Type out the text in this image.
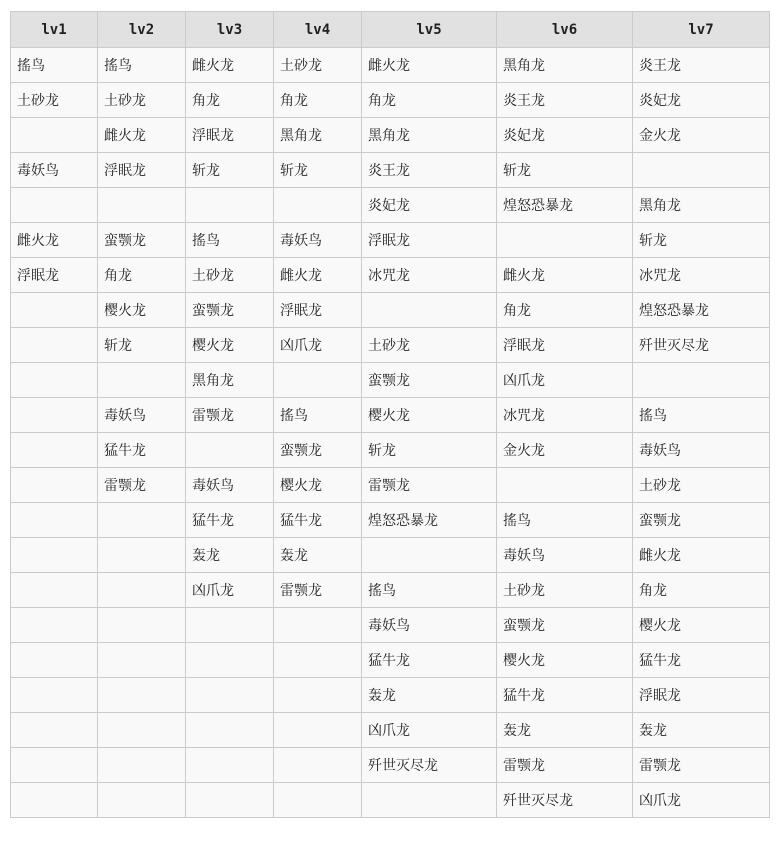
lv1	lv2	lv3	lv4	lv5	lv6	lv7
搖鸟	搖鸟	雌火龙	土砂龙	雌火龙	黑角龙	炎王龙
土砂龙	土砂龙	角龙	角龙	角龙	炎王龙	炎妃龙
	雌火龙	浮眠龙	黑角龙	黑角龙	炎妃龙	金火龙
毒妖鸟	浮眠龙	斩龙	斩龙	炎王龙	斩龙	
				炎妃龙	煌怒恐暴龙	黑角龙
雌火龙	蛮颚龙	搖鸟	毒妖鸟	浮眠龙		斩龙
浮眠龙	角龙	土砂龙	雌火龙	冰咒龙	雌火龙	冰咒龙
	樱火龙	蛮颚龙	浮眠龙		角龙	煌怒恐暴龙
	斩龙	樱火龙	凶爪龙	土砂龙	浮眠龙	歼世灭尽龙
		黑角龙		蛮颚龙	凶爪龙	
	毒妖鸟	雷颚龙	搖鸟	樱火龙	冰咒龙	搖鸟
	猛牛龙		蛮颚龙	斩龙	金火龙	毒妖鸟
	雷颚龙	毒妖鸟	樱火龙	雷颚龙		土砂龙
		猛牛龙	猛牛龙	煌怒恐暴龙	搖鸟	蛮颚龙
		轰龙	轰龙		毒妖鸟	雌火龙
		凶爪龙	雷颚龙	搖鸟	土砂龙	角龙
				毒妖鸟	蛮颚龙	樱火龙
				猛牛龙	樱火龙	猛牛龙
				轰龙	猛牛龙	浮眠龙
				凶爪龙	轰龙	轰龙
				歼世灭尽龙	雷颚龙	雷颚龙
					歼世灭尽龙	凶爪龙
